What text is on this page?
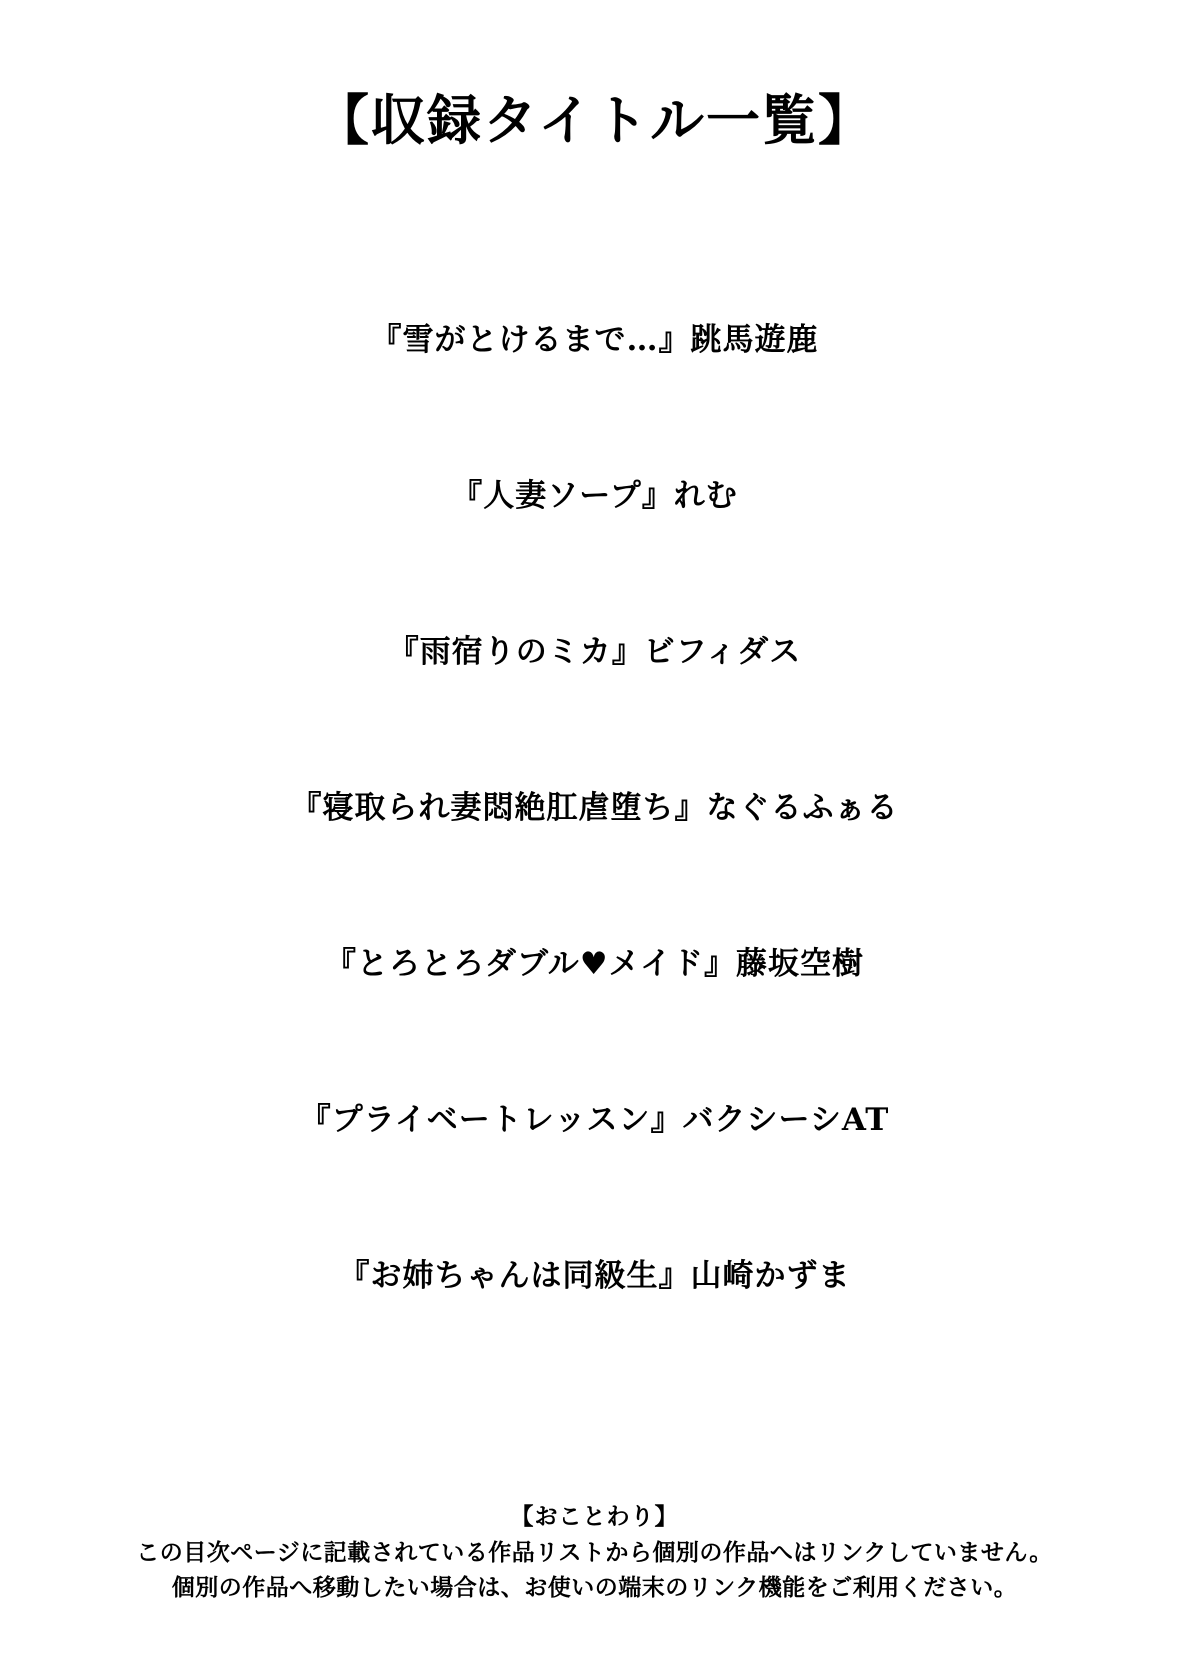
【収録タイトル一覧】
『雪がとけるまで…』跳馬遊鹿
『人妻ソープ』れむ
『雨宿りのミカ』ビフィダス
『寝取られ妻悶絶肛虐堕ち』なぐるふぁる
『とろとろダブル♥メイド』藤坂空樹
『プライベートレッスン』バクシーシAT
『お姉ちゃんは同級生』山崎かずま
【おことわり】
この目次ページに記載されている作品リストから個別の作品へはリンクしていません。
個別の作品へ移動したい場合は、お使いの端末のリンク機能をご利用ください。
